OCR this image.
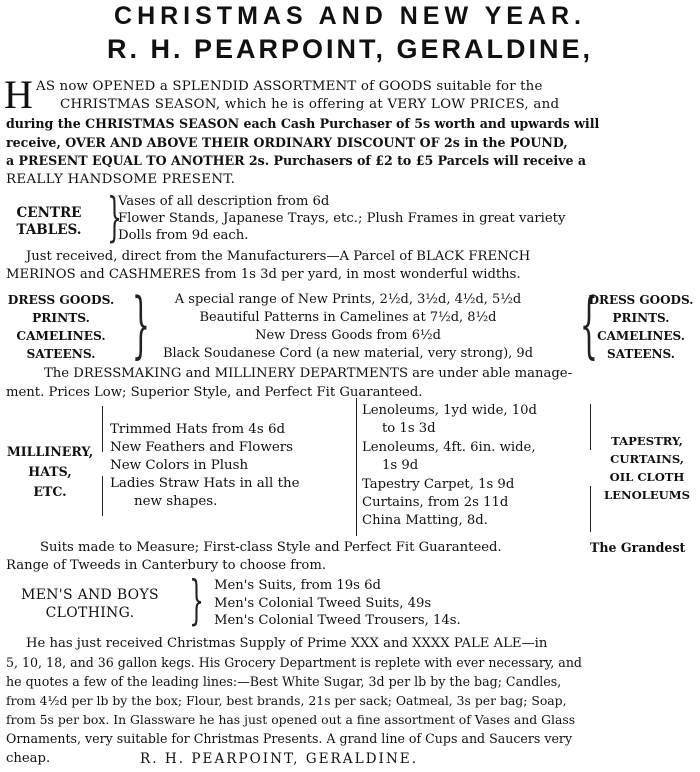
CHRISTMAS AND NEW YEAR.
R. H. PEARPOINT, GERALDINE,
H AS now OPENED a SPLENDID ASSORTMENT of GOODS suitable for the
CHRISTMAS SEASON, which he is offering at VERY LOW PRICES, and
during the CHRISTMAS SEASON each Cash Purchaser of 5s worth and upwards will
receive, OVER AND ABOVE THEIR ORDINARY DISCOUNT OF 2s in the POUND,
a PRESENT EQUAL TO ANOTHER 2s. Purchasers of £2 to £5 Parcels will receive a
REALLY HANDSOME PRESENT.
CENTRE
TABLES. }
Vases of all description from 6d
Flower Stands, Japanese Trays, etc.; Plush Frames in great variety
Dolls from 9d each.
Just received, direct from the Manufacturers—A Parcel of BLACK FRENCH
MERINOS and CASHMERES from 1s 3d per yard, in most wonderful widths.
DRESS GOODS.
PRINTS.
CAMELINES.
SATEENS. }	A special range of New Prints, 2½d, 3½d, 4½d, 5½d
Beautiful Patterns in Camelines at 7½d, 8½d
New Dress Goods from 6½d
Black Soudanese Cord (a new material, very strong), 9d {
DRESS GOODS.
PRINTS.
CAMELINES.
SATEENS.
The DRESSMAKING and MILLINERY DEPARTMENTS are under able manage-
ment. Prices Low; Superior Style, and Perfect Fit Guaranteed.
MILLINERY,
HATS,
ETC.
Trimmed Hats from 4s 6d
New Feathers and Flowers
New Colors in Plush
Ladies Straw Hats in all the
new shapes.
Lenoleums, 1yd wide, 10d
to 1s 3d
Lenoleums, 4ft. 6in. wide,
1s 9d
Tapestry Carpet, 1s 9d
Curtains, from 2s 11d
China Matting, 8d.
TAPESTRY,
CURTAINS,
OIL CLOTH
LENOLEUMS
Suits made to Measure; First-class Style and Perfect Fit Guaranteed.	The Grandest
Range of Tweeds in Canterbury to choose from.
MEN'S AND BOYS
CLOTHING.	} Men's Suits, from 19s 6d
Men's Colonial Tweed Suits, 49s
Men's Colonial Tweed Trousers, 14s.
He has just received Christmas Supply of Prime XXX and XXXX PALE ALE—in
5, 10, 18, and 36 gallon kegs. His Grocery Department is replete with ever necessary, and
he quotes a few of the leading lines:—Best White Sugar, 3d per lb by the bag; Candles,
from 4½d per lb by the box; Flour, best brands, 21s per sack; Oatmeal, 3s per bag; Soap,
from 5s per box. In Glassware he has just opened out a fine assortment of Vases and Glass
Ornaments, very suitable for Christmas Presents. A grand line of Cups and Saucers very
cheap.	R. H. PEARPOINT, GERALDINE.
